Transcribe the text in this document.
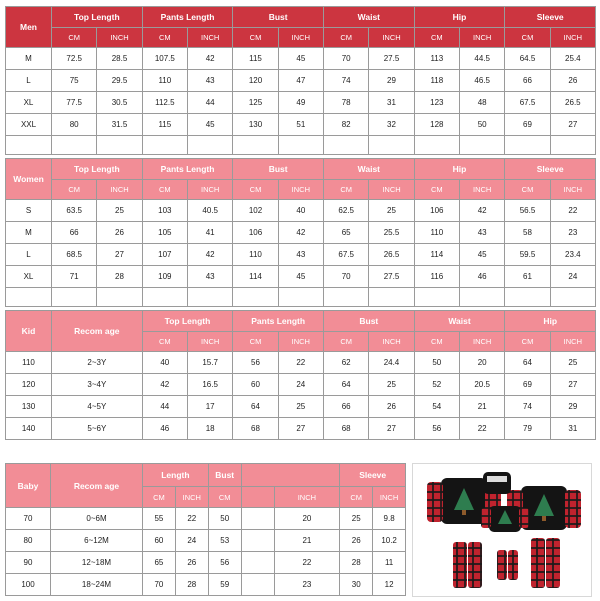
Men	Top Length		Pants Length		Bust		Waist		Hip		Sleeve	
	CM	INCH	CM	INCH	CM	INCH	CM	INCH	CM	INCH	CM	INCH
M	72.5	28.5	107.5	42	115	45	70	27.5	113	44.5	64.5	25.4
L	75	29.5	110	43	120	47	74	29	118	46.5	66	26
XL	77.5	30.5	112.5	44	125	49	78	31	123	48	67.5	26.5
XXL	80	31.5	115	45	130	51	82	32	128	50	69	27

Women	Top Length		Pants Length		Bust		Waist		Hip		Sleeve	
	CM	INCH	CM	INCH	CM	INCH	CM	INCH	CM	INCH	CM	INCH
S	63.5	25	103	40.5	102	40	62.5	25	106	42	56.5	22
M	66	26	105	41	106	42	65	25.5	110	43	58	23
L	68.5	27	107	42	110	43	67.5	26.5	114	45	59.5	23.4
XL	71	28	109	43	114	45	70	27.5	116	46	61	24

Kid	Recom age	Top Length		Pants Length		Bust		Waist		Hip	
		CM	INCH	CM	INCH	CM	INCH	CM	INCH	CM	INCH
110	2~3Y	40	15.7	56	22	62	24.4	50	20	64	25
120	3~4Y	42	16.5	60	24	64	25	52	20.5	69	27
130	4~5Y	44	17	64	25	66	26	54	21	74	29
140	5~6Y	46	18	68	27	68	27	56	22	79	31
Baby	Recom age	Length		Bust			Sleeve	
		CM	INCH	CM		INCH	CM	INCH
70	0~6M	55	22	50		20	25	9.8
80	6~12M	60	24	53		21	26	10.2
90	12~18M	65	26	56		22	28	11
100	18~24M	70	28	59		23	30	12
